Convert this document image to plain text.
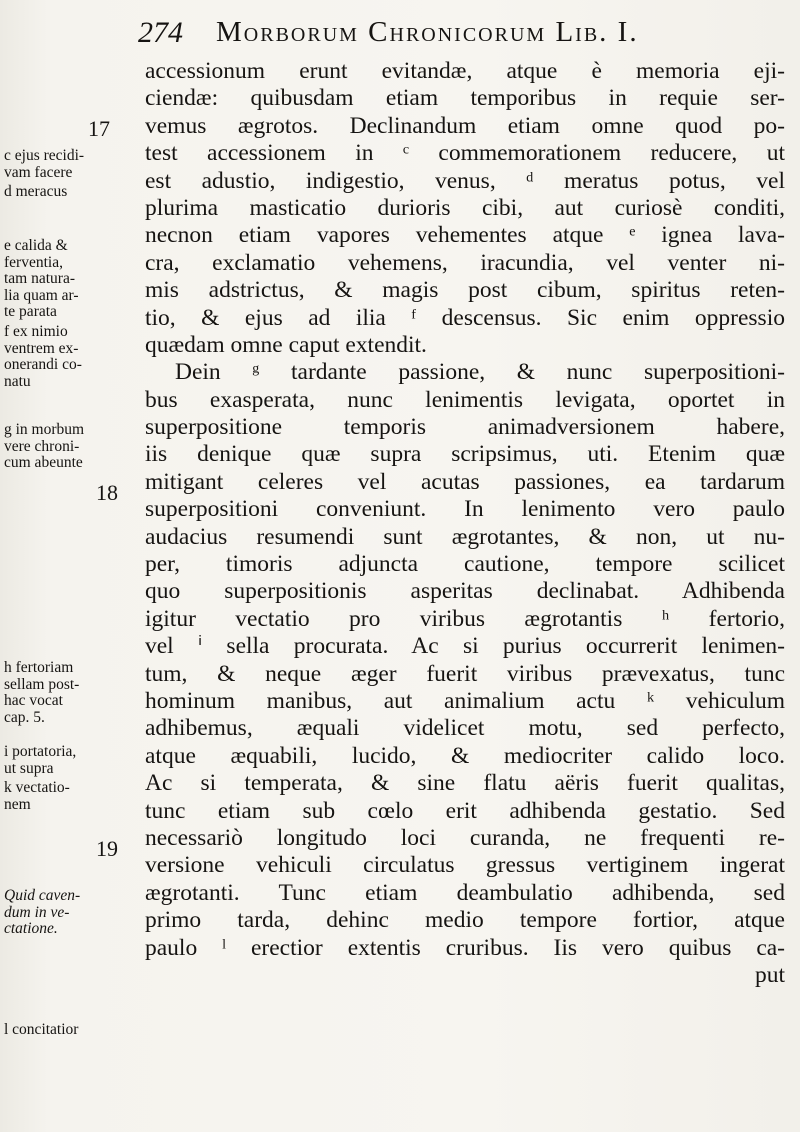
274 Morborum Chronicorum Lib. I.
accessionum erunt evitandæ, atque è memoria eji-
ciendæ: quibusdam etiam temporibus in requie ser-
vemus ægrotos. Declinandum etiam omne quod po-
test accessionem in ᶜ commemorationem reducere, ut
est adustio, indigestio, venus, ᵈ meratus potus, vel
plurima masticatio durioris cibi, aut curiosè conditi,
necnon etiam vapores vehementes atque ᵉ ignea lava-
cra, exclamatio vehemens, iracundia, vel venter ni-
mis adstrictus, & magis post cibum, spiritus reten-
tio, & ejus ad ilia ᶠ descensus. Sic enim oppressio
quædam omne caput extendit.
Dein ᵍ tardante passione, & nunc superpositioni-
bus exasperata, nunc lenimentis levigata, oportet in
superpositione temporis animadversionem habere,
iis denique quæ supra scripsimus, uti. Etenim quæ
mitigant celeres vel acutas passiones, ea tardarum
superpositioni conveniunt. In lenimento vero paulo
audacius resumendi sunt ægrotantes, & non, ut nu-
per, timoris adjuncta cautione, tempore scilicet
quo superpositionis asperitas declinabat. Adhibenda
igitur vectatio pro viribus ægrotantis ʰ fertorio,
vel ⁱ sella procurata. Ac si purius occurrerit lenimen-
tum, & neque æger fuerit viribus prævexatus, tunc
hominum manibus, aut animalium actu ᵏ vehiculum
adhibemus, æquali videlicet motu, sed perfecto,
atque æquabili, lucido, & mediocriter calido loco.
Ac si temperata, & sine flatu aëris fuerit qualitas,
tunc etiam sub cœlo erit adhibenda gestatio. Sed
necessariò longitudo loci curanda, ne frequenti re-
versione vehiculi circulatus gressus vertiginem ingerat
ægrotanti. Tunc etiam deambulatio adhibenda, sed
primo tarda, dehinc medio tempore fortior, atque
paulo ˡ erectior extentis cruribus. Iis vero quibus ca-
put
17
18
19
c ejus recidi-
vam facere
d meracus
e calida &
ferventia,
tam natura-
lia quam ar-
te parata
f ex nimio
ventrem ex-
onerandi co-
natu
g in morbum
vere chroni-
cum abeunte
h fertoriam
sellam post-
hac vocat
cap. 5.
i portatoria,
ut supra
k vectatio-
nem
Quid caven-
dum in ve-
ctatione.
l concitatior
